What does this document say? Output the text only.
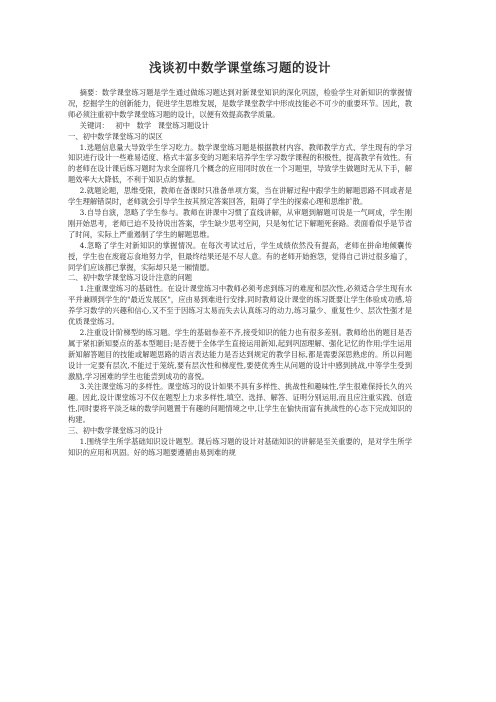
浅谈初中数学课堂练习题的设计

摘要：数学课堂练习题是学生通过做练习题达到对新课堂知识的深化巩固，检验学生对新知识的掌握情况，挖掘学生的创新能力，促进学生思维发展，是数学课堂教学中形成技能必不可少的重要环节。因此，教师必须注重初中数学课堂练习题的设计，以便有效提高教学质量。

关键词： 初中 数学 课堂练习题设计

一、初中数学课堂练习的误区

1.选题信息量大导致学生学习吃力。数学课堂练习题是根据教材内容、教师教学方式、学生现有的学习知识进行设计一些难易适度、格式丰富多变的习题来培养学生学习数学课程的积极性，提高教学有效性。有的老师在设计课后练习题时为求全面将几个概念的应用同时放在一个习题里，导致学生做题时无从下手，解题效率大大降低，不利于知识点的掌握。

2.就题论题，思维受限，教师在备课时只准备单项方案，当在讲解过程中跟学生的解题思路不同或者是学生理解错误时，老师就会引导学生按其预定答案回答，阻碍了学生的探索心理和思维扩散。

3.自导自演，忽略了学生参与。教师在讲课中习惯了直线讲解，从审题到解题可说是一气呵成，学生刚刚开始思考，老师已迫不及待说出答案，学生缺少思考空间，只是匆忙记下解题死套路。表面看似乎是节省了时间，实际上严重遏制了学生的解题思维。

4.忽略了学生对新知识的掌握情况。在每次考试过后，学生成绩依然没有提高，老师在拼命地倾囊传授，学生也在废寝忘食地努力学，但最终结果还是不尽人意。有的老师开始抱怨，觉得自己讲过很多遍了，同学们应该都已掌握，实际却只是一厢情愿。

二、初中数学课堂练习设计注意的问题

1.注重课堂练习的基础性。在设计课堂练习中教师必须考虑到练习的难度和层次性,必须适合学生现有水平并兼顾到学生的"最近发展区"，应由易到难进行安排,同时教师设计课堂的练习既要让学生体验成功感,培养学习数学的兴趣和信心,又不至于因练习太易而失去认真练习的动力,练习量少、重复性少、层次性强才是优质课堂练习。

2.注重设计阶梯型的练习题。学生的基础参差不齐,接受知识的能力也有很多差别。教师给出的题目是否属于紧扣新知要点的基本型题目;是否便于全体学生直接运用新知,起到巩固理解、强化记忆的作用;学生运用新知解答题目的技能或解题思路的语言表达能力是否达到规定的教学目标,都是需要深思熟虑的。所以问题设计一定要有层次,不能过于笼统,要有层次性和梯度性,要使优秀生从问题的设计中感到挑战,中等学生受到激励,学习困难的学生也能尝到成功的喜悦。

3.关注课堂练习的多样性。课堂练习的设计如果不具有多样性、挑战性和趣味性,学生很难保持长久的兴趣。因此,设计课堂练习不仅在题型上力求多样性,填空、选择、解答、证明分别运用,而且应注重实践、创造性,同时要将平淡乏味的数学问题置于有趣的问题情境之中,让学生在愉快而富有挑战性的心态下完成知识的构建。

三、初中数学课堂练习的设计

1.围绕学生所学基础知识设计题型。课后练习题的设计对基础知识的讲解是至关重要的，是对学生所学知识的应用和巩固。好的练习题要遵循由易到难的规
